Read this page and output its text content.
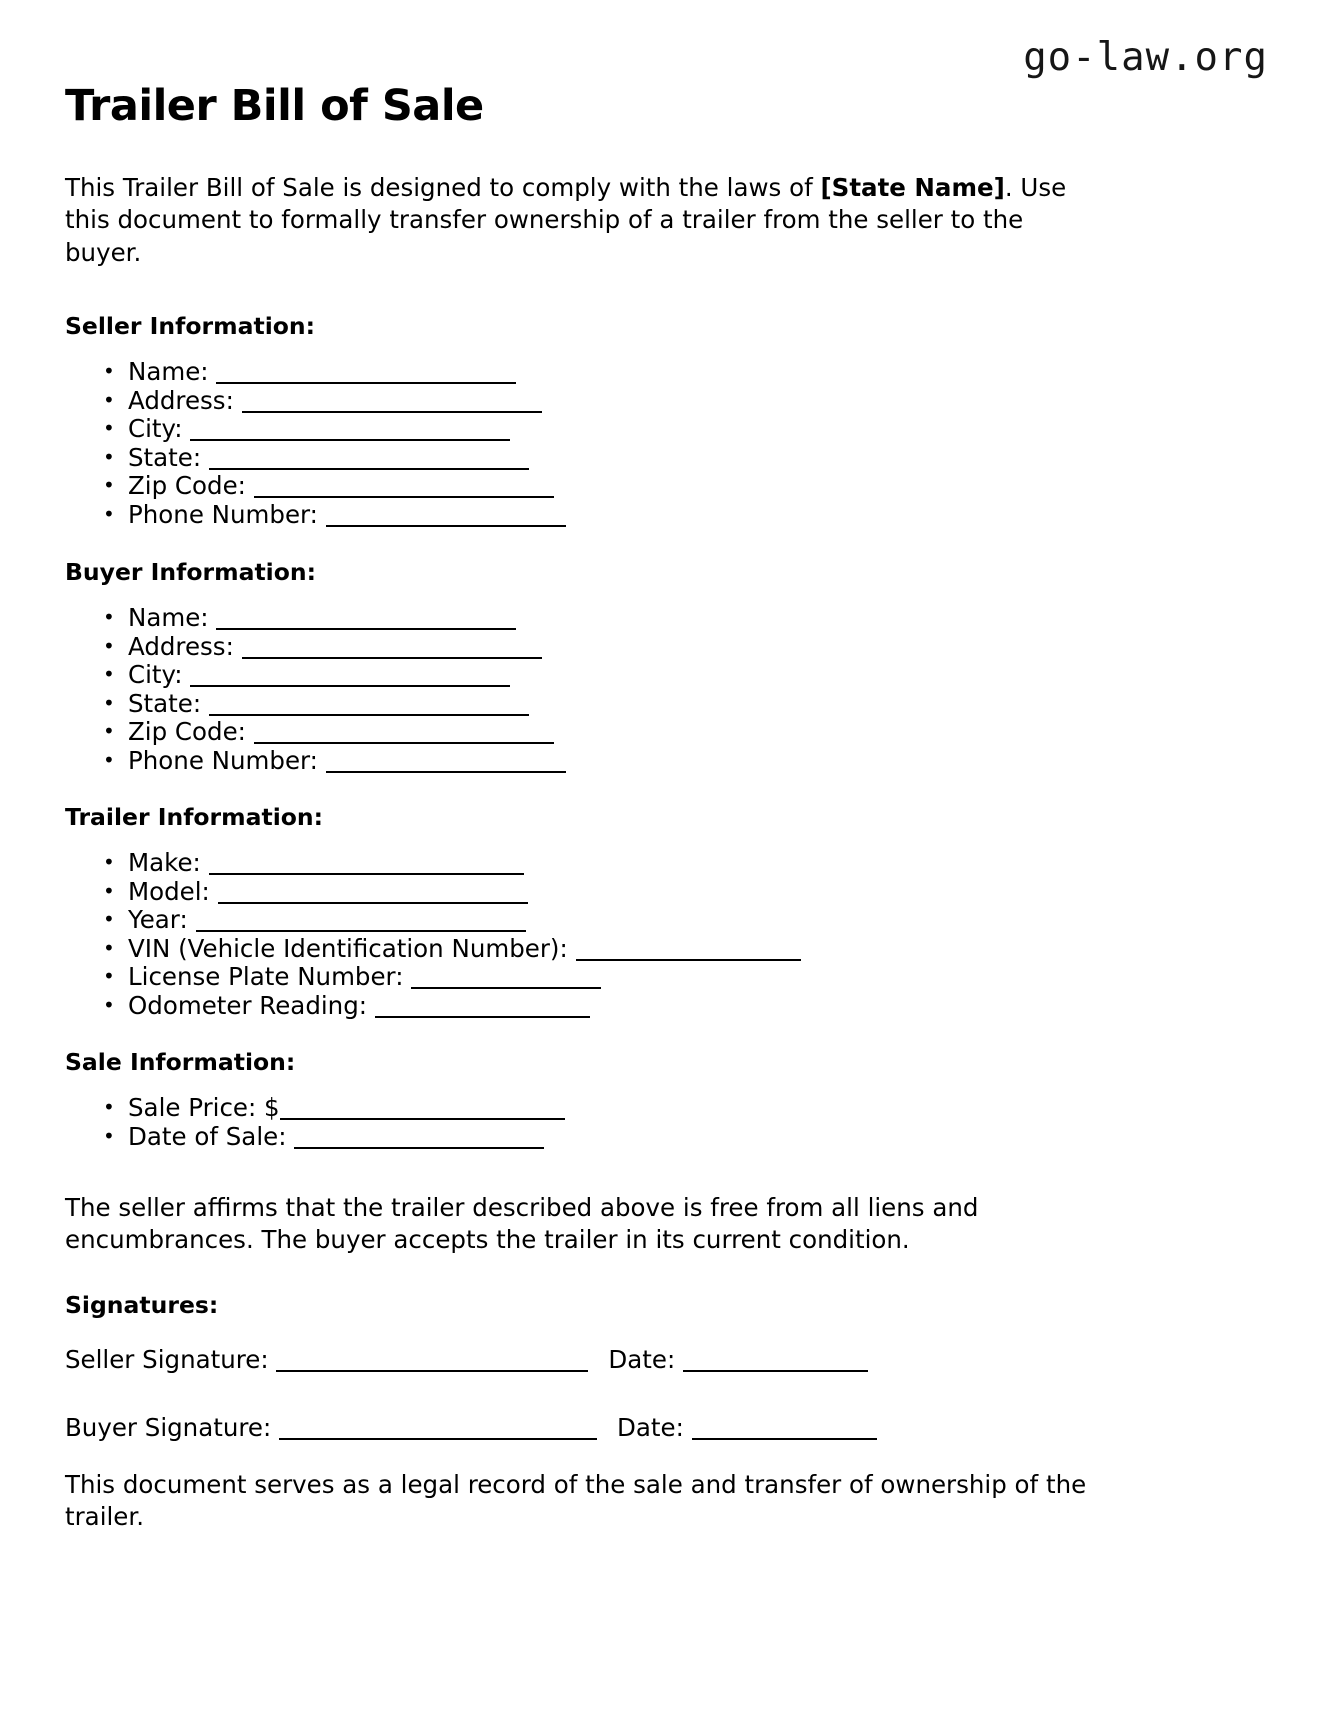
go-law.org
Trailer Bill of Sale

This Trailer Bill of Sale is designed to comply with the laws of [State Name]. Use this document to formally transfer ownership of a trailer from the seller to the buyer.

Seller Information:
• Name:
• Address:
• City:
• State:
• Zip Code:
• Phone Number:
Buyer Information:
• Name:
• Address:
• City:
• State:
• Zip Code:
• Phone Number:
Trailer Information:
• Make:
• Model:
• Year:
• VIN (Vehicle Identification Number):
• License Plate Number:
• Odometer Reading:
Sale Information:
• Sale Price: $
• Date of Sale:

The seller affirms that the trailer described above is free from all liens and encumbrances. The buyer accepts the trailer in its current condition.

Signatures:
Seller Signature:	Date:
Buyer Signature:	Date:

This document serves as a legal record of the sale and transfer of ownership of the trailer.
